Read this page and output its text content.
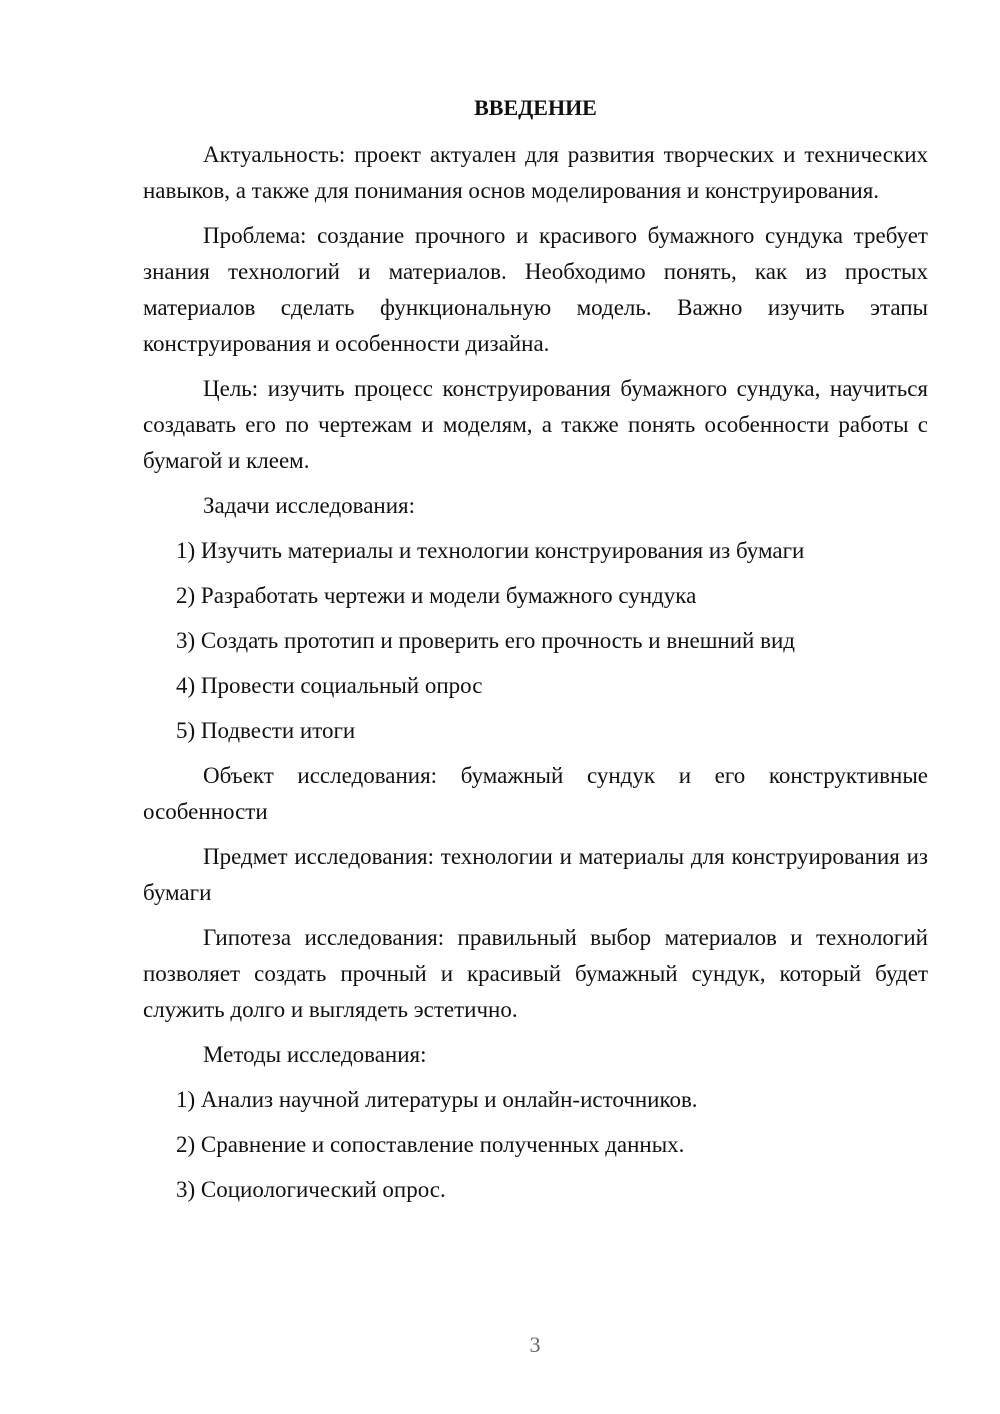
ВВЕДЕНИЕ

Актуальность: проект актуален для развития творческих и технических навыков, а также для понимания основ моделирования и конструирования.

Проблема: создание прочного и красивого бумажного сундука требует знания технологий и материалов. Необходимо понять, как из простых материалов сделать функциональную модель. Важно изучить этапы конструирования и особенности дизайна.

Цель: изучить процесс конструирования бумажного сундука, научиться создавать его по чертежам и моделям, а также понять особенности работы с бумагой и клеем.

Задачи исследования:

1) Изучить материалы и технологии конструирования из бумаги
2) Разработать чертежи и модели бумажного сундука
3) Создать прототип и проверить его прочность и внешний вид
4) Провести социальный опрос
5) Подвести итоги

Объект исследования: бумажный сундук и его конструктивные особенности

Предмет исследования: технологии и материалы для конструирования из бумаги

Гипотеза исследования: правильный выбор материалов и технологий позволяет создать прочный и красивый бумажный сундук, который будет служить долго и выглядеть эстетично.

Методы исследования:

1) Анализ научной литературы и онлайн-источников.
2) Сравнение и сопоставление полученных данных.
3) Социологический опрос.
3
